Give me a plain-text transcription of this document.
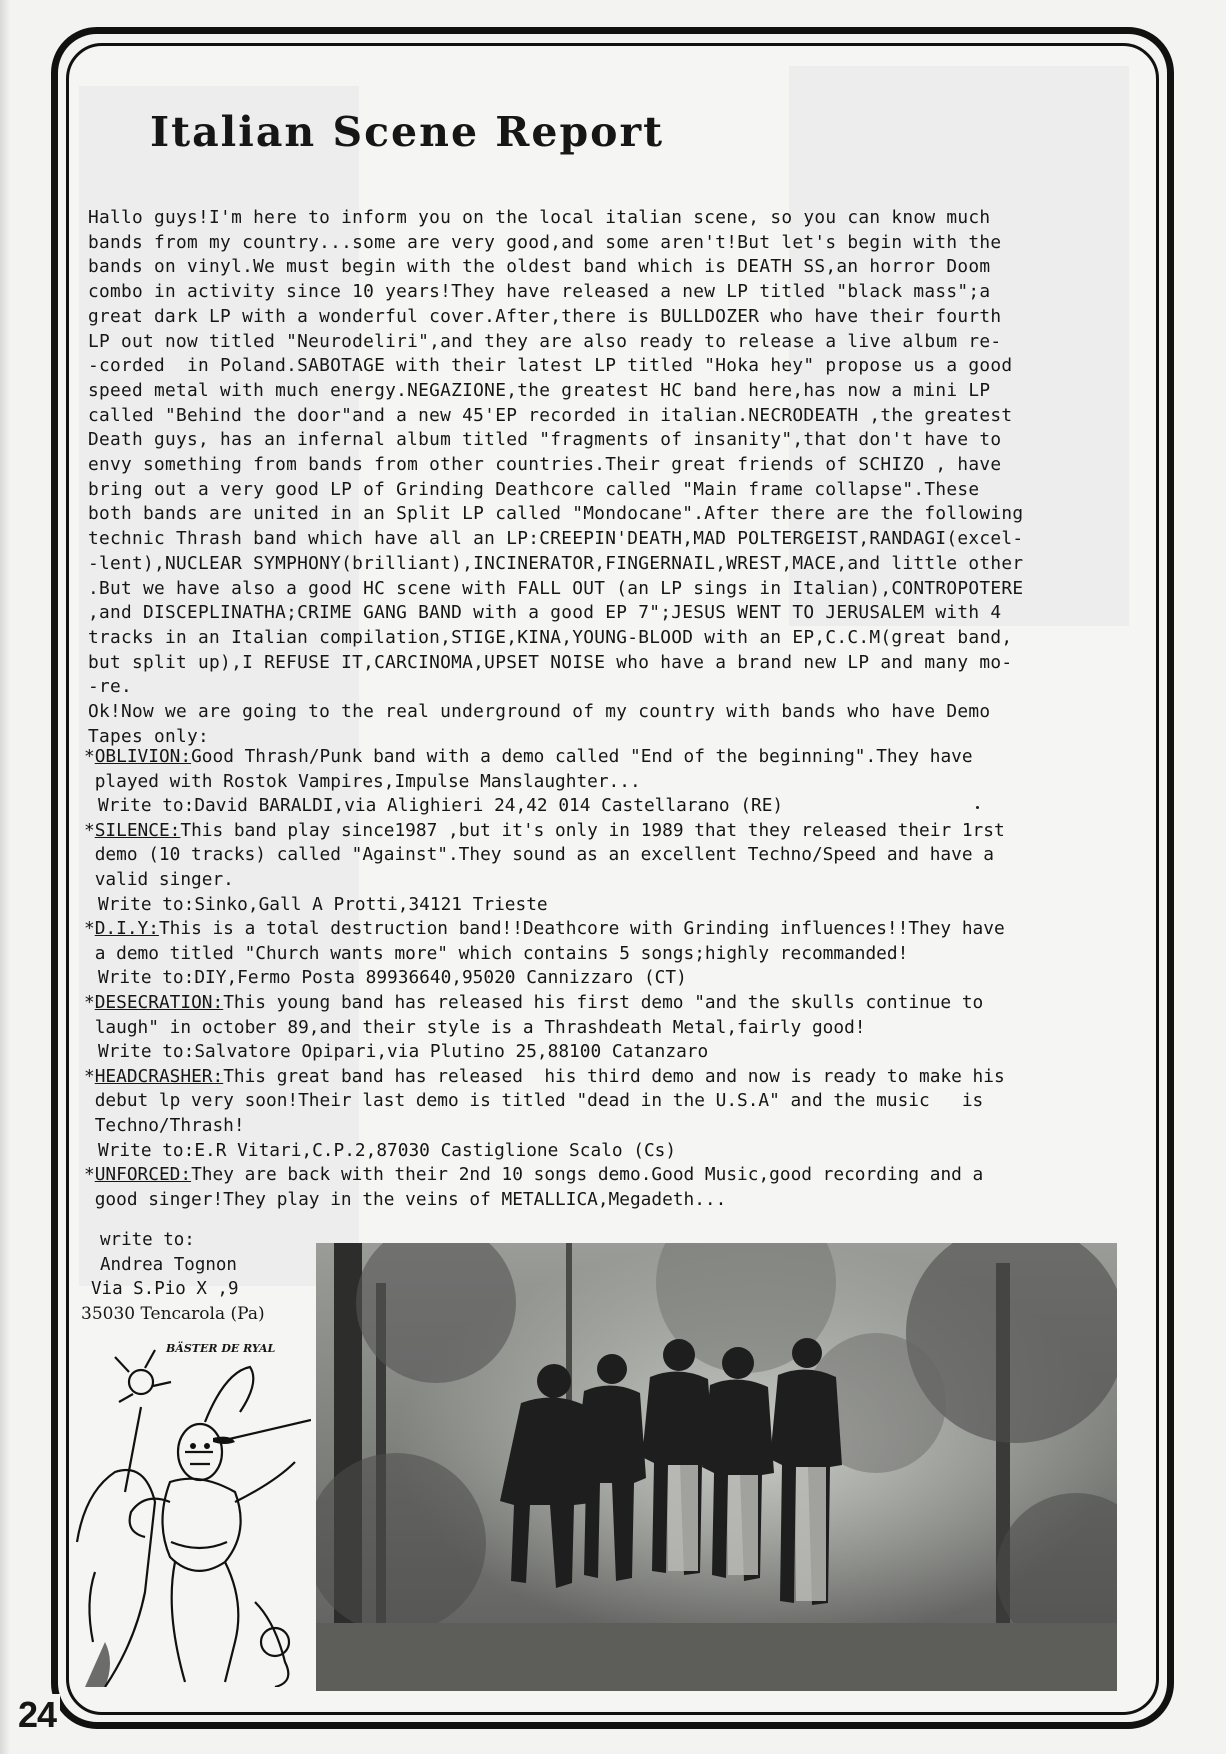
Italian Scene Report

Hallo guys!I'm here to inform you on the local italian scene, so you can know much
bands from my country...some are very good,and some aren't!But let's begin with the
bands on vinyl.We must begin with the oldest band which is DEATH SS,an horror Doom
combo in activity since 10 years!They have released a new LP titled "black mass";a
great dark LP with a wonderful cover.After,there is BULLDOZER who have their fourth
LP out now titled "Neurodeliri",and they are also ready to release a live album re-
-corded  in Poland.SABOTAGE with their latest LP titled "Hoka hey" propose us a good
speed metal with much energy.NEGAZIONE,the greatest HC band here,has now a mini LP
called "Behind the door"and a new 45'EP recorded in italian.NECRODEATH ,the greatest
Death guys, has an infernal album titled "fragments of insanity",that don't have to
envy something from bands from other countries.Their great friends of SCHIZO , have
bring out a very good LP of Grinding Deathcore called "Main frame collapse".These
both bands are united in an Split LP called "Mondocane".After there are the following
technic Thrash band which have all an LP:CREEPIN'DEATH,MAD POLTERGEIST,RANDAGI(excel-
-lent),NUCLEAR SYMPHONY(brilliant),INCINERATOR,FINGERNAIL,WREST,MACE,and little other
.But we have also a good HC scene with FALL OUT (an LP sings in Italian),CONTROPOTERE
,and DISCEPLINATHA;CRIME GANG BAND with a good EP 7";JESUS WENT TO JERUSALEM with 4
tracks in an Italian compilation,STIGE,KINA,YOUNG-BLOOD with an EP,C.C.M(great band,
but split up),I REFUSE IT,CARCINOMA,UPSET NOISE who have a brand new LP and many mo-
-re.
Ok!Now we are going to the real underground of my country with bands who have Demo
Tapes only:

*OBLIVION:Good Thrash/Punk band with a demo called "End of the beginning".They have
played with Rostok Vampires,Impulse Manslaughter...
Write to:David BARALDI,via Alighieri 24,42 014 Castellarano (RE)
*SILENCE:This band play since1987 ,but it's only in 1989 that they released their 1rst
demo (10 tracks) called "Against".They sound as an excellent Techno/Speed and have a
valid singer.
Write to:Sinko,Gall A Protti,34121 Trieste
*D.I.Y:This is a total destruction band!!Deathcore with Grinding influences!!They have
a demo titled "Church wants more" which contains 5 songs;highly recommanded!
Write to:DIY,Fermo Posta 89936640,95020 Cannizzaro (CT)
*DESECRATION:This young band has released his first demo "and the skulls continue to
laugh" in october 89,and their style is a Thrashdeath Metal,fairly good!
Write to:Salvatore Opipari,via Plutino 25,88100 Catanzaro
*HEADCRASHER:This great band has released  his third demo and now is ready to make his
debut lp very soon!Their last demo is titled "dead in the U.S.A" and the music   is
Techno/Thrash!
Write to:E.R Vitari,C.P.2,87030 Castiglione Scalo (Cs)
*UNFORCED:They are back with their 2nd 10 songs demo.Good Music,good recording and a
good singer!They play in the veins of METALLICA,Megadeth...
write to:
Andrea Tognon
Via S.Pio X ,9
35030 Tencarola (Pa)
BÄSTER DE RYAL
24
